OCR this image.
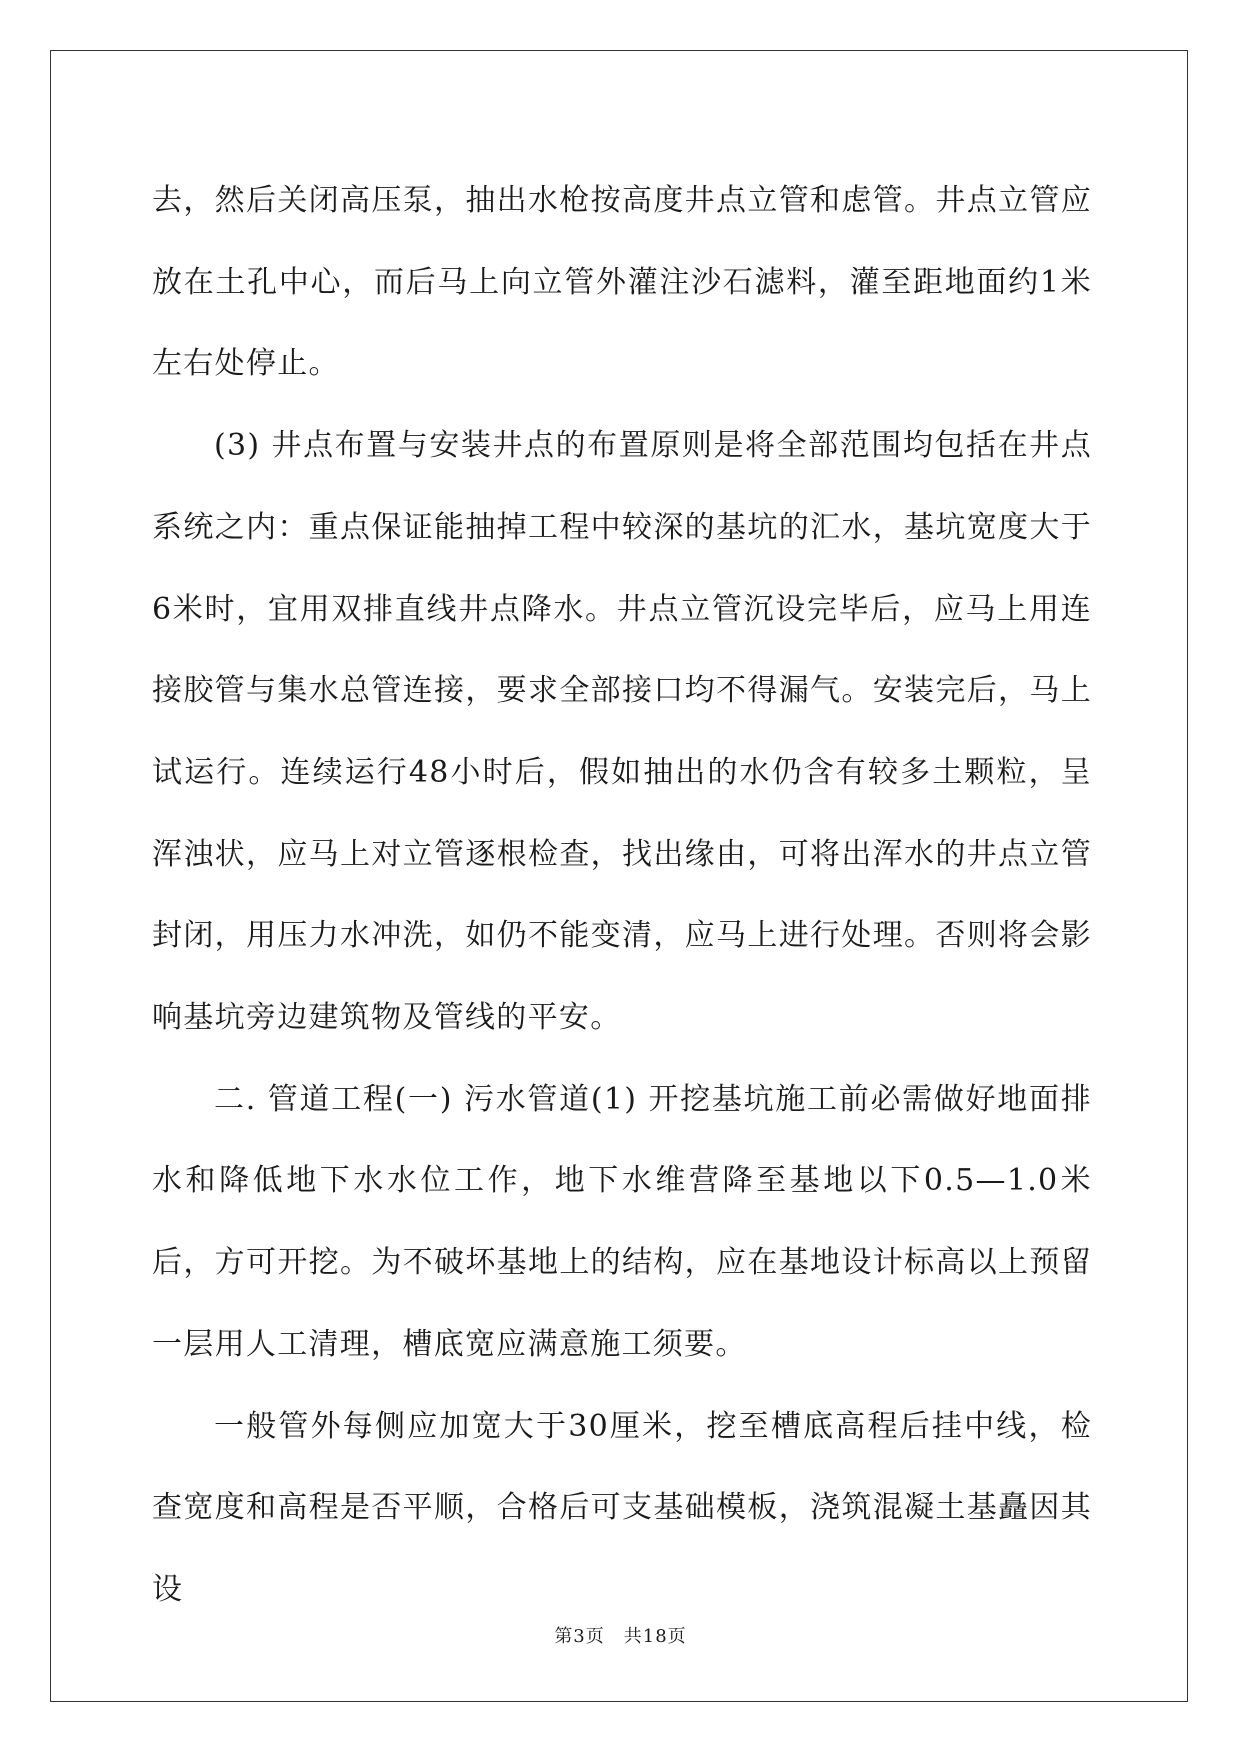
去，然后关闭高压泵，抽出水枪按高度井点立管和虑管。井点立管应放在土孔中心，而后马上向立管外灌注沙石滤料，灌至距地面约1米左右处停止。

(3) 井点布置与安装井点的布置原则是将全部范围均包括在井点系统之内：重点保证能抽掉工程中较深的基坑的汇水，基坑宽度大于6米时，宜用双排直线井点降水。井点立管沉设完毕后，应马上用连接胶管与集水总管连接，要求全部接口均不得漏气。安装完后，马上试运行。连续运行48小时后，假如抽出的水仍含有较多土颗粒，呈浑浊状，应马上对立管逐根检查，找出缘由，可将出浑水的井点立管封闭，用压力水冲洗，如仍不能变清，应马上进行处理。否则将会影响基坑旁边建筑物及管线的平安。

二. 管道工程(一) 污水管道(1) 开挖基坑施工前必需做好地面排水和降低地下水水位工作，地下水维营降至基地以下0.5—1.0米后，方可开挖。为不破坏基地上的结构，应在基地设计标高以上预留一层用人工清理，槽底宽应满意施工须要。

一般管外每侧应加宽大于30厘米，挖至槽底高程后挂中线，检查宽度和高程是否平顺，合格后可支基础模板，浇筑混凝土基矗因其设

第3页　共18页
